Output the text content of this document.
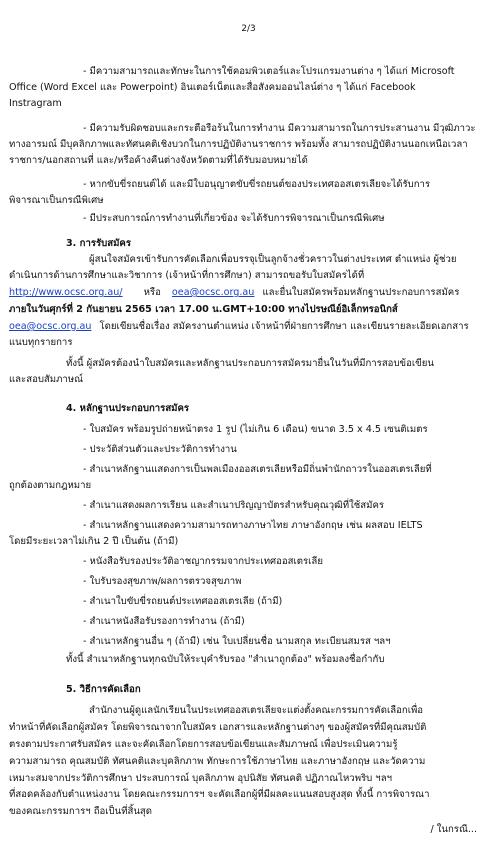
2/3
- มีความสามารถและทักษะในการใช้คอมพิวเตอร์และโปรแกรมงานต่าง ๆ ได้แก่ Microsoft
Office (Word Excel และ Powerpoint) อินเตอร์เน็ตและสื่อสังคมออนไลน์ต่าง ๆ ได้แก่ Facebook
Instragram
- มีความรับผิดชอบและกระตือรือร้นในการทำงาน มีความสามารถในการประสานงาน มีวุฒิภาวะ
ทางอารมณ์ มีบุคลิกภาพและทัศนคติเชิงบวกในการปฏิบัติงานราชการ พร้อมทั้ง สามารถปฏิบัติงานนอกเหนือเวลา
ราชการ/นอกสถานที่ และ/หรือค้างคืนต่างจังหวัดตามที่ได้รับมอบหมายได้
- หากขับขี่รถยนต์ได้ และมีใบอนุญาตขับขี่รถยนต์ของประเทศออสเตรเลียจะได้รับการ
พิจารณาเป็นกรณีพิเศษ
- มีประสบการณ์การทำงานที่เกี่ยวข้อง จะได้รับการพิจารณาเป็นกรณีพิเศษ
3. การรับสมัคร
ผู้สนใจสมัครเข้ารับการคัดเลือกเพื่อบรรจุเป็นลูกจ้างชั่วคราวในต่างประเทศ ตำแหน่ง ผู้ช่วย
ดำเนินการด้านการศึกษาและวิชาการ (เจ้าหน้าที่การศึกษา) สามารถขอรับใบสมัครได้ที่
http://www.ocsc.org.au/ หรือ oea@ocsc.org.au และยื่นใบสมัครพร้อมหลักฐานประกอบการสมัคร
ภายในวันศุกร์ที่ 2 กันยายน 2565 เวลา 17.00 น.GMT+10:00 ทางไปรษณีย์อิเล็กทรอนิกส์
oea@ocsc.org.au โดยเขียนชื่อเรื่อง สมัครงานตำแหน่ง เจ้าหน้าที่ฝ่ายการศึกษา และเขียนรายละเอียดเอกสาร
แนบทุกรายการ
ทั้งนี้ ผู้สมัครต้องนำใบสมัครและหลักฐานประกอบการสมัครมายื่นในวันที่มีการสอบข้อเขียน
และสอบสัมภาษณ์
4. หลักฐานประกอบการสมัคร
- ใบสมัคร พร้อมรูปถ่ายหน้าตรง 1 รูป (ไม่เกิน 6 เดือน) ขนาด 3.5 x 4.5 เซนติเมตร
- ประวัติส่วนตัวและประวัติการทำงาน
- สำเนาหลักฐานแสดงการเป็นพลเมืองออสเตรเลียหรือมีถิ่นพำนักถาวรในออสเตรเลียที่
ถูกต้องตามกฎหมาย
- สำเนาแสดงผลการเรียน และสำเนาปริญญาบัตรสำหรับคุณวุฒิที่ใช้สมัคร
- สำเนาหลักฐานแสดงความสามารถทางภาษาไทย ภาษาอังกฤษ เช่น ผลสอบ IELTS
โดยมีระยะเวลาไม่เกิน 2 ปี เป็นต้น (ถ้ามี)
- หนังสือรับรองประวัติอาชญากรรมจากประเทศออสเตรเลีย
- ใบรับรองสุขภาพ/ผลการตรวจสุขภาพ
- สำเนาใบขับขี่รถยนต์ประเทศออสเตรเลีย (ถ้ามี)
- สำเนาหนังสือรับรองการทำงาน (ถ้ามี)
- สำเนาหลักฐานอื่น ๆ (ถ้ามี) เช่น ใบเปลี่ยนชื่อ นามสกุล ทะเบียนสมรส ฯลฯ
ทั้งนี้ สำเนาหลักฐานทุกฉบับให้ระบุคำรับรอง "สำเนาถูกต้อง" พร้อมลงชื่อกำกับ
5. วิธีการคัดเลือก
สำนักงานผู้ดูแลนักเรียนในประเทศออสเตรเลียจะแต่งตั้งคณะกรรมการคัดเลือกเพื่อ
ทำหน้าที่คัดเลือกผู้สมัคร โดยพิจารณาจากใบสมัคร เอกสารและหลักฐานต่างๆ ของผู้สมัครที่มีคุณสมบัติ
ตรงตามประกาศรับสมัคร และจะคัดเลือกโดยการสอบข้อเขียนและสัมภาษณ์ เพื่อประเมินความรู้
ความสามารถ คุณสมบัติ ทัศนคติและบุคลิกภาพ ทักษะการใช้ภาษาไทย และภาษาอังกฤษ และวัดความ
เหมาะสมจากประวัติการศึกษา ประสบการณ์ บุคลิกภาพ อุปนิสัย ทัศนคติ ปฏิภาณไหวพริบ ฯลฯ
ที่สอดคล้องกับตำแหน่งงาน โดยคณะกรรมการฯ จะคัดเลือกผู้ที่มีผลคะแนนสอบสูงสุด ทั้งนี้ การพิจารณา
ของคณะกรรมการฯ ถือเป็นที่สิ้นสุด
/ ในกรณี...
